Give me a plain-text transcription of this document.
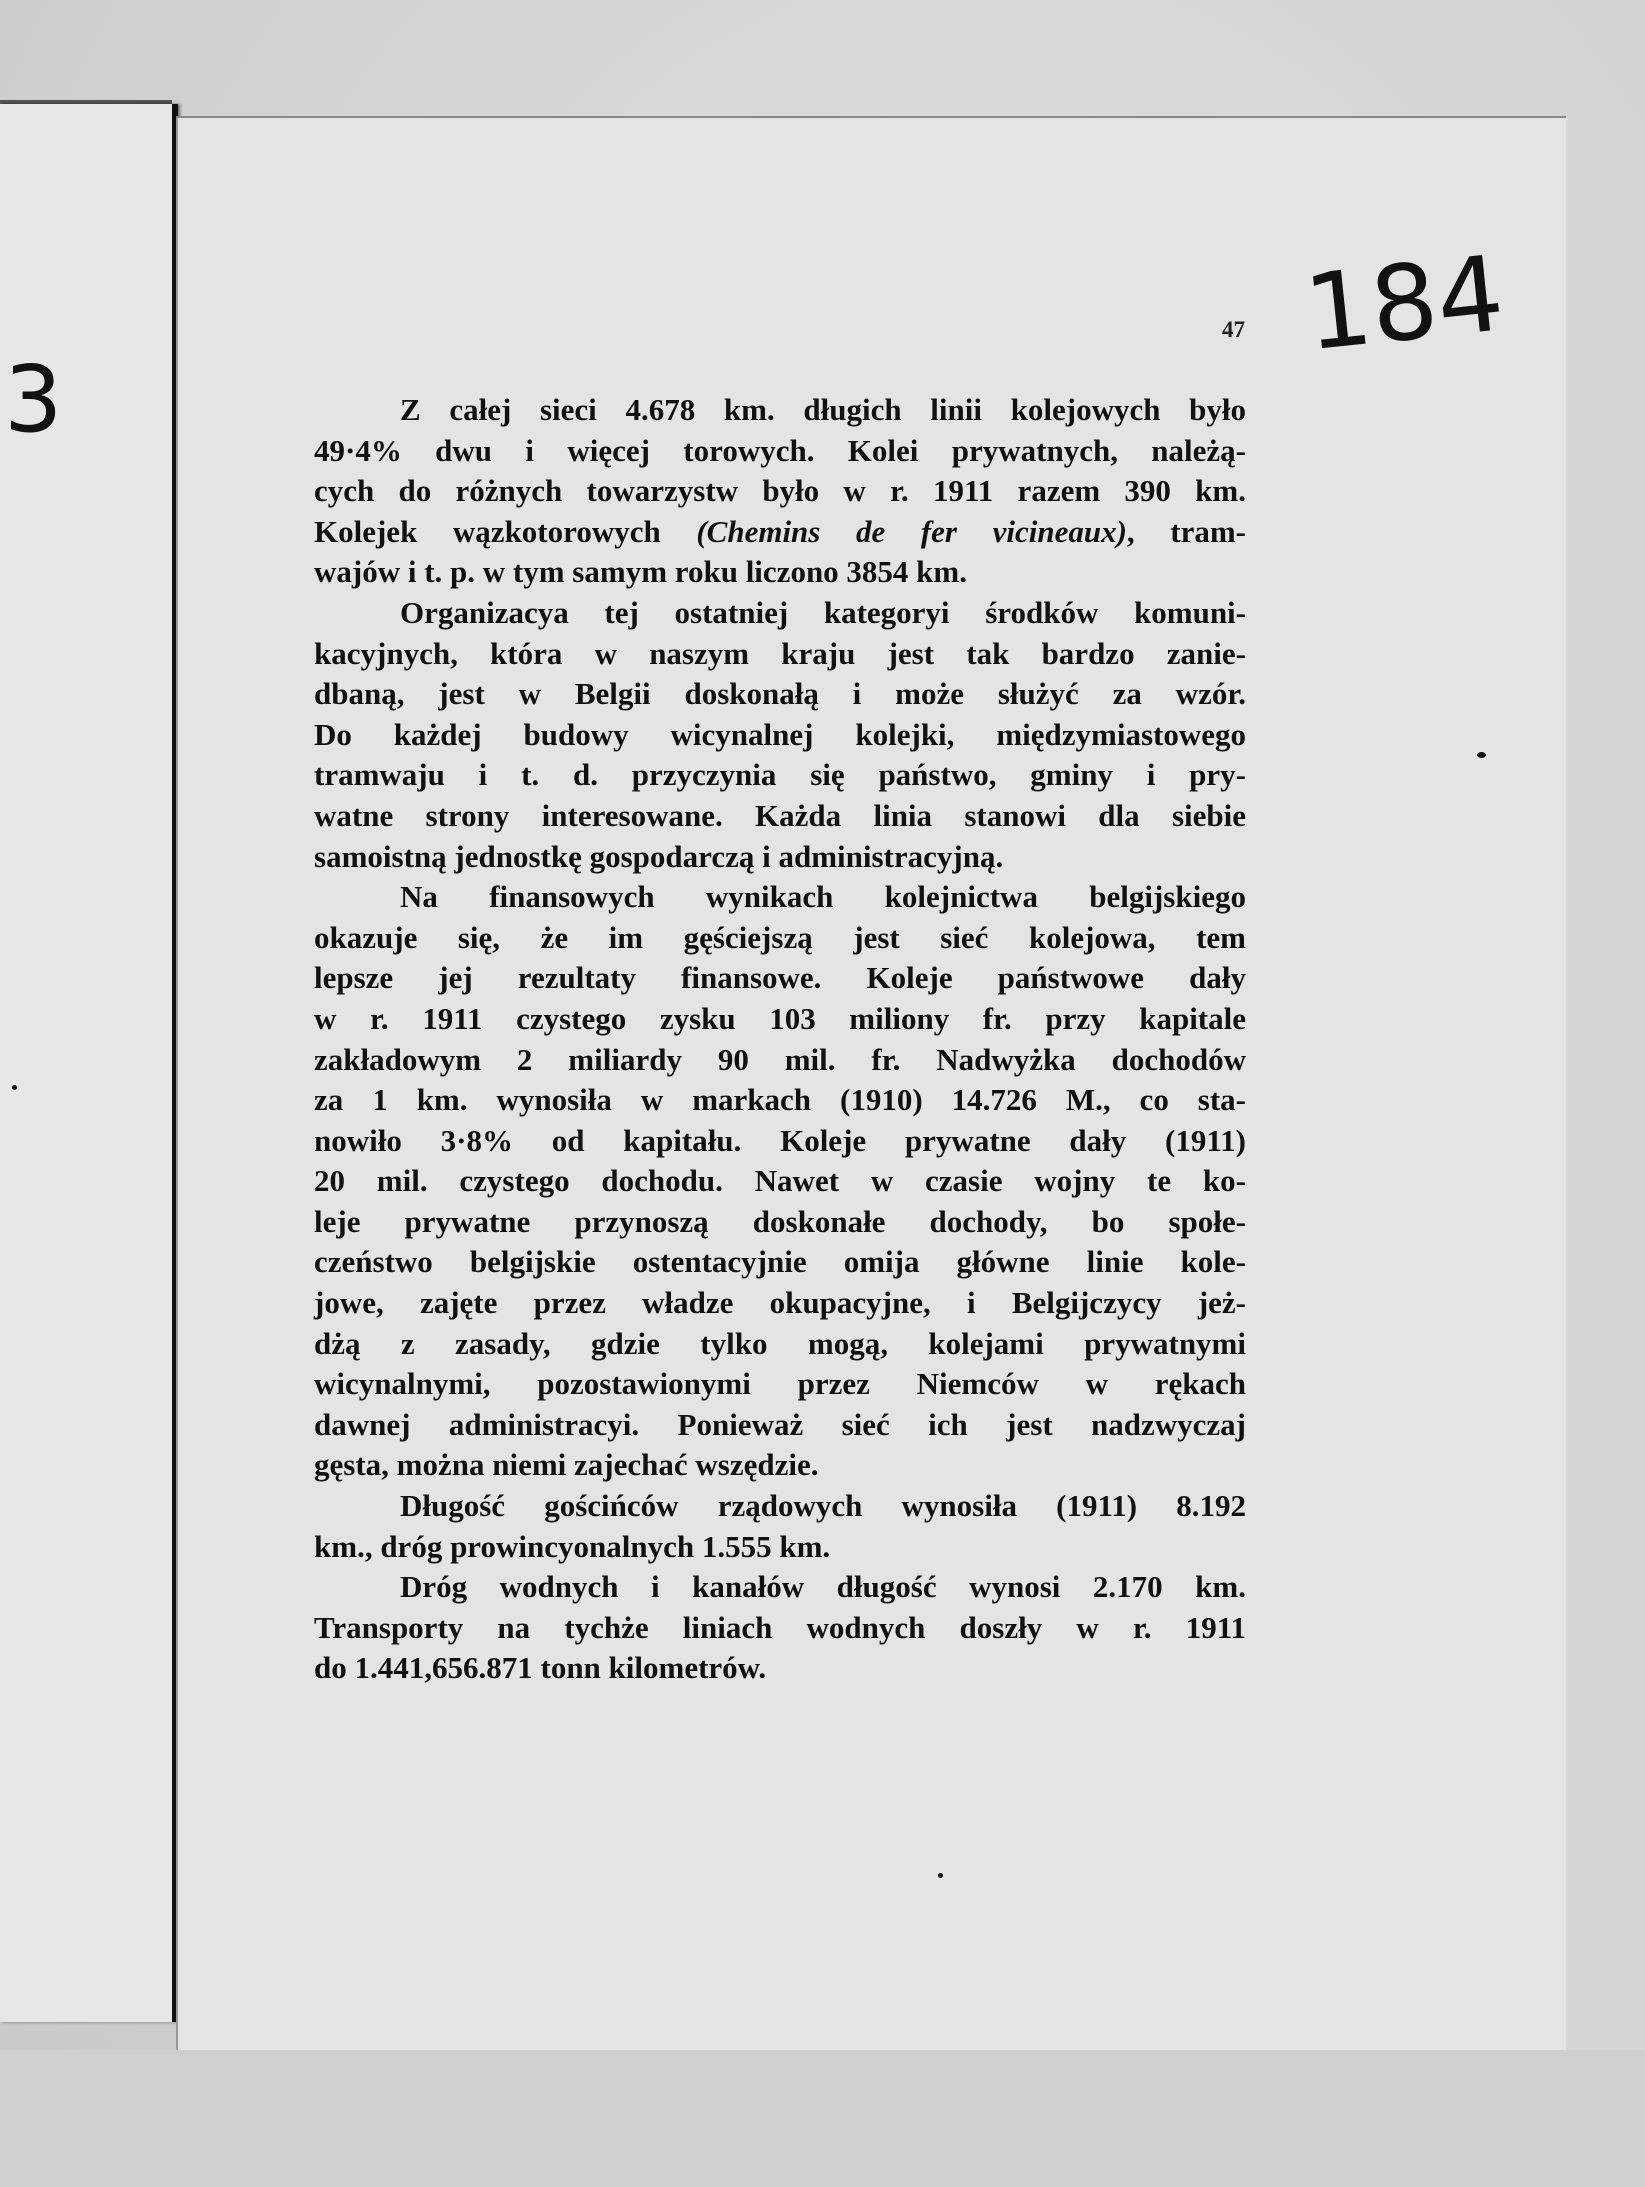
3
47 184
Z całej sieci 4.678 km. długich linii kolejowych było
49·4% dwu i więcej torowych. Kolei prywatnych, należą-
cych do różnych towarzystw było w r. 1911 razem 390 km.
Kolejek wązkotorowych (Chemins de fer vicineaux), tram-
wajów i t. p. w tym samym roku liczono 3854 km.
Organizacya tej ostatniej kategoryi środków komuni-
kacyjnych, która w naszym kraju jest tak bardzo zanie-
dbaną, jest w Belgii doskonałą i może służyć za wzór.
Do każdej budowy wicynalnej kolejki, międzymiastowego
tramwaju i t. d. przyczynia się państwo, gminy i pry-
watne strony interesowane. Każda linia stanowi dla siebie
samoistną jednostkę gospodarczą i administracyjną.
Na finansowych wynikach kolejnictwa belgijskiego
okazuje się, że im gęściejszą jest sieć kolejowa, tem
lepsze jej rezultaty finansowe. Koleje państwowe dały
w r. 1911 czystego zysku 103 miliony fr. przy kapitale
zakładowym 2 miliardy 90 mil. fr. Nadwyżka dochodów
za 1 km. wynosiła w markach (1910) 14.726 M., co sta-
nowiło 3·8% od kapitału. Koleje prywatne dały (1911)
20 mil. czystego dochodu. Nawet w czasie wojny te ko-
leje prywatne przynoszą doskonałe dochody, bo społe-
czeństwo belgijskie ostentacyjnie omija główne linie kole-
jowe, zajęte przez władze okupacyjne, i Belgijczycy jeż-
dżą z zasady, gdzie tylko mogą, kolejami prywatnymi
wicynalnymi, pozostawionymi przez Niemców w rękach
dawnej administracyi. Ponieważ sieć ich jest nadzwyczaj
gęsta, można niemi zajechać wszędzie.
Długość gościńców rządowych wynosiła (1911) 8.192
km., dróg prowincyonalnych 1.555 km.
Dróg wodnych i kanałów długość wynosi 2.170 km.
Transporty na tychże liniach wodnych doszły w r. 1911
do 1.441,656.871 tonn kilometrów.
